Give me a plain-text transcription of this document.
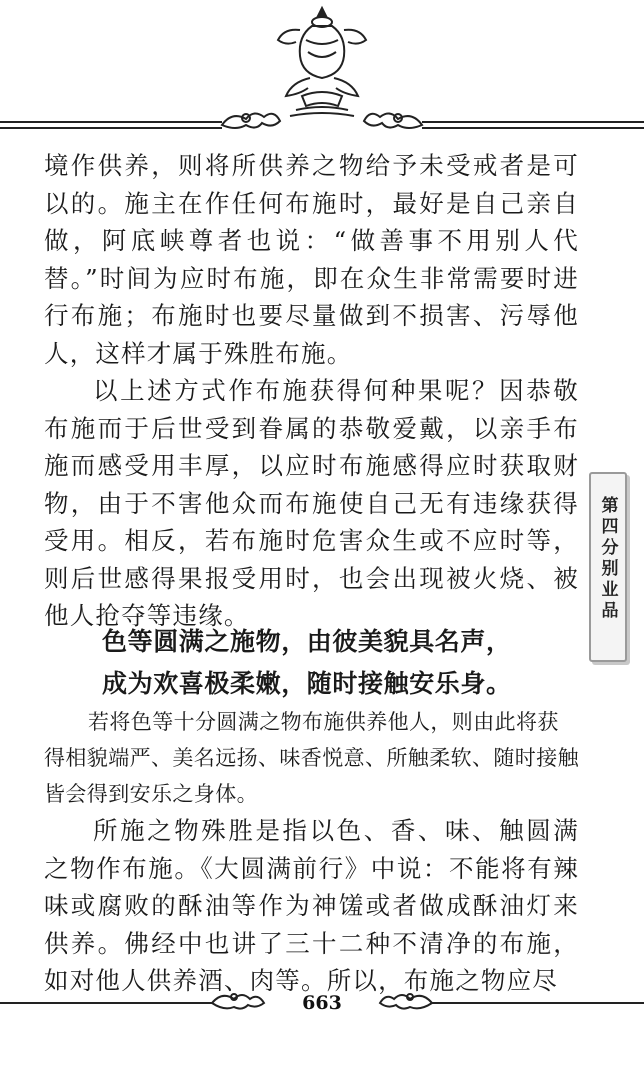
境作供养，则将所供养之物给予未受戒者是可以的。施主在作任何布施时，最好是自己亲自做，阿底峡尊者也说：“做善事不用别人代替。”时间为应时布施，即在众生非常需要时进行布施；布施时也要尽量做到不损害、污辱他人，这样才属于殊胜布施。

以上述方式作布施获得何种果呢？因恭敬布施而于后世受到眷属的恭敬爱戴，以亲手布施而感受用丰厚，以应时布施感得应时获取财物，由于不害他众而布施使自己无有违缘获得受用。相反，若布施时危害众生或不应时等，则后世感得果报受用时，也会出现被火烧、被他人抢夺等违缘。

色等圆满之施物，由彼美貌具名声，

成为欢喜极柔嫩，随时接触安乐身。

若将色等十分圆满之物布施供养他人，则由此将获得相貌端严、美名远扬、味香悦意、所触柔软、随时接触皆会得到安乐之身体。

所施之物殊胜是指以色、香、味、触圆满之物作布施。《大圆满前行》中说：不能将有辣味或腐败的酥油等作为神馐或者做成酥油灯来供养。佛经中也讲了三十二种不清净的布施，如对他人供养酒、肉等。所以，布施之物应尽

第四分别业品
663
